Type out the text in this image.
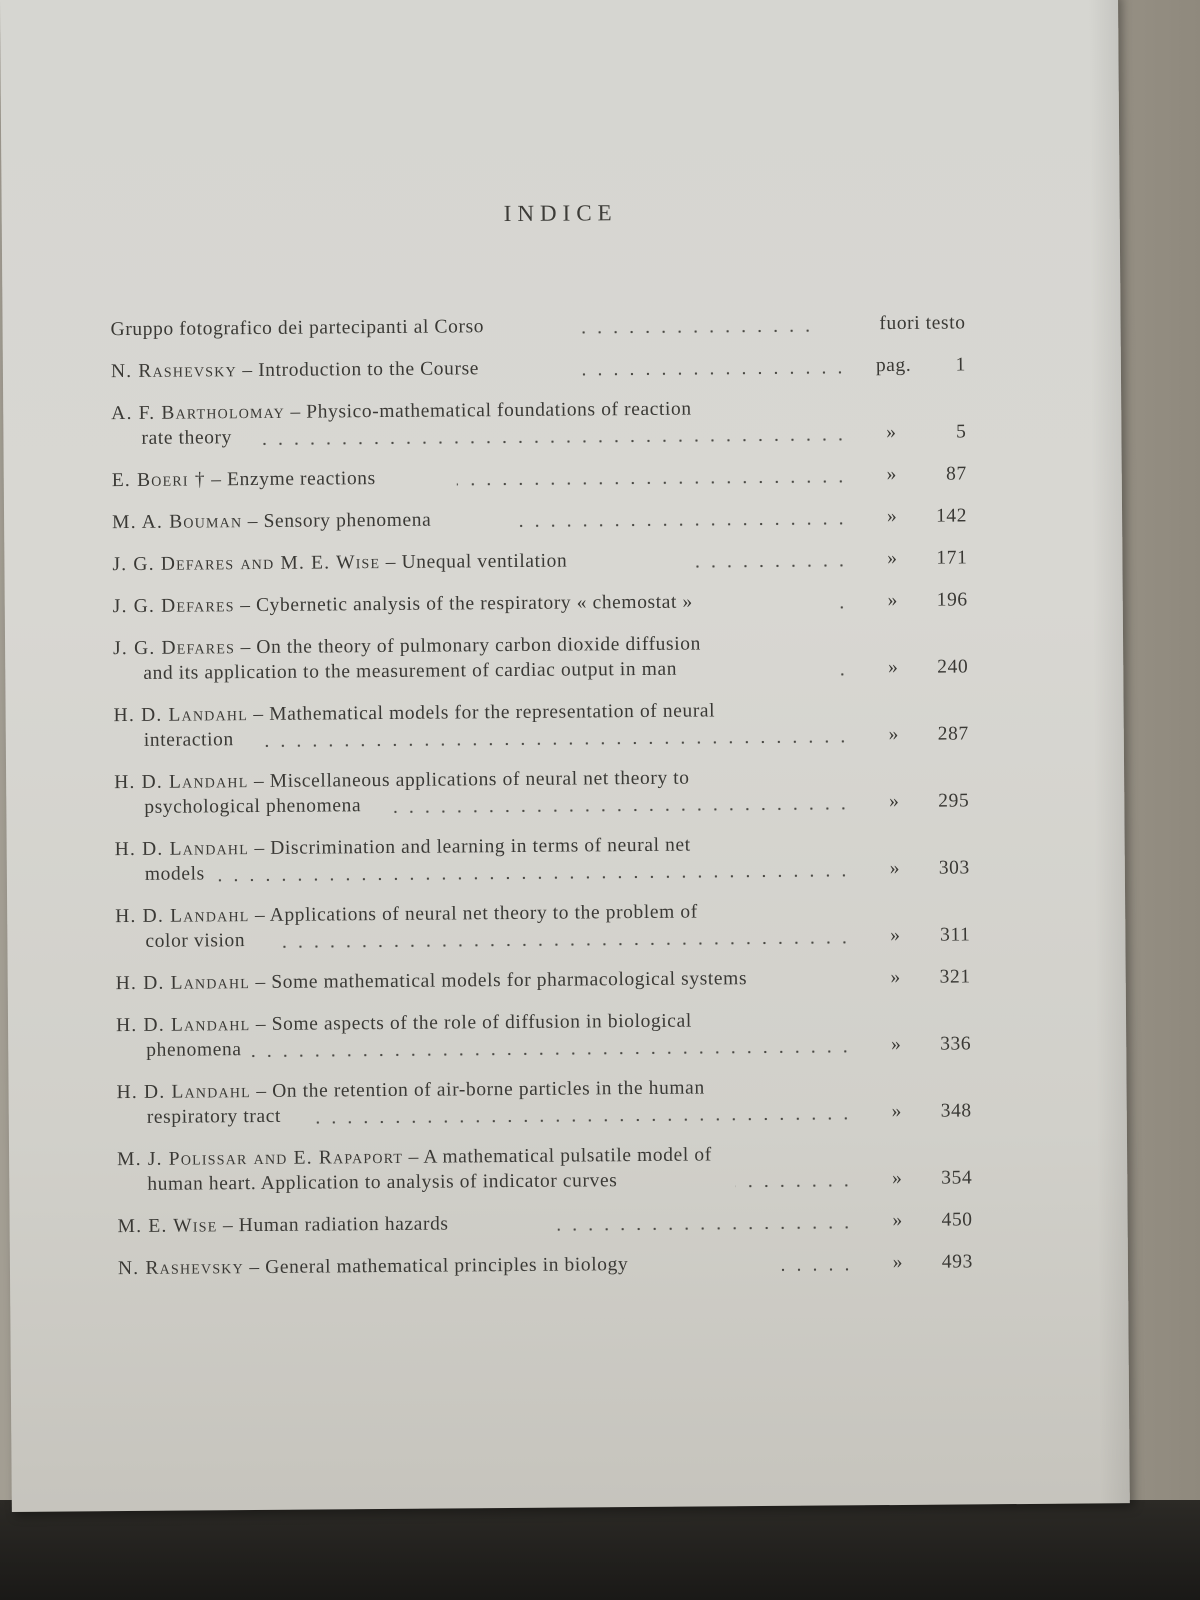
INDICE
Gruppo fotografico dei partecipanti al Corso	fuori testo
N. Rashevsky – Introduction to the Course	pag.	1
A. F. Bartholomay – Physico-mathematical foundations of reaction
rate theory	»	5
E. Boeri † – Enzyme reactions	»	87
M. A. Bouman – Sensory phenomena	»	142
J. G. Defares and M. E. Wise – Unequal ventilation	»	171
J. G. Defares – Cybernetic analysis of the respiratory « chemostat »	»	196
J. G. Defares – On the theory of pulmonary carbon dioxide diffusion
and its application to the measurement of cardiac output in man	»	240
H. D. Landahl – Mathematical models for the representation of neural
interaction	»	287
H. D. Landahl – Miscellaneous applications of neural net theory to
psychological phenomena	»	295
H. D. Landahl – Discrimination and learning in terms of neural net
models	»	303
H. D. Landahl – Applications of neural net theory to the problem of
color vision	»	311
H. D. Landahl – Some mathematical models for pharmacological systems	»	321
H. D. Landahl – Some aspects of the role of diffusion in biological
phenomena	»	336
H. D. Landahl – On the retention of air-borne particles in the human
respiratory tract	»	348
M. J. Polissar and E. Rapaport – A mathematical pulsatile model of
human heart. Application to analysis of indicator curves	»	354
M. E. Wise – Human radiation hazards	»	450
N. Rashevsky – General mathematical principles in biology	»	493
